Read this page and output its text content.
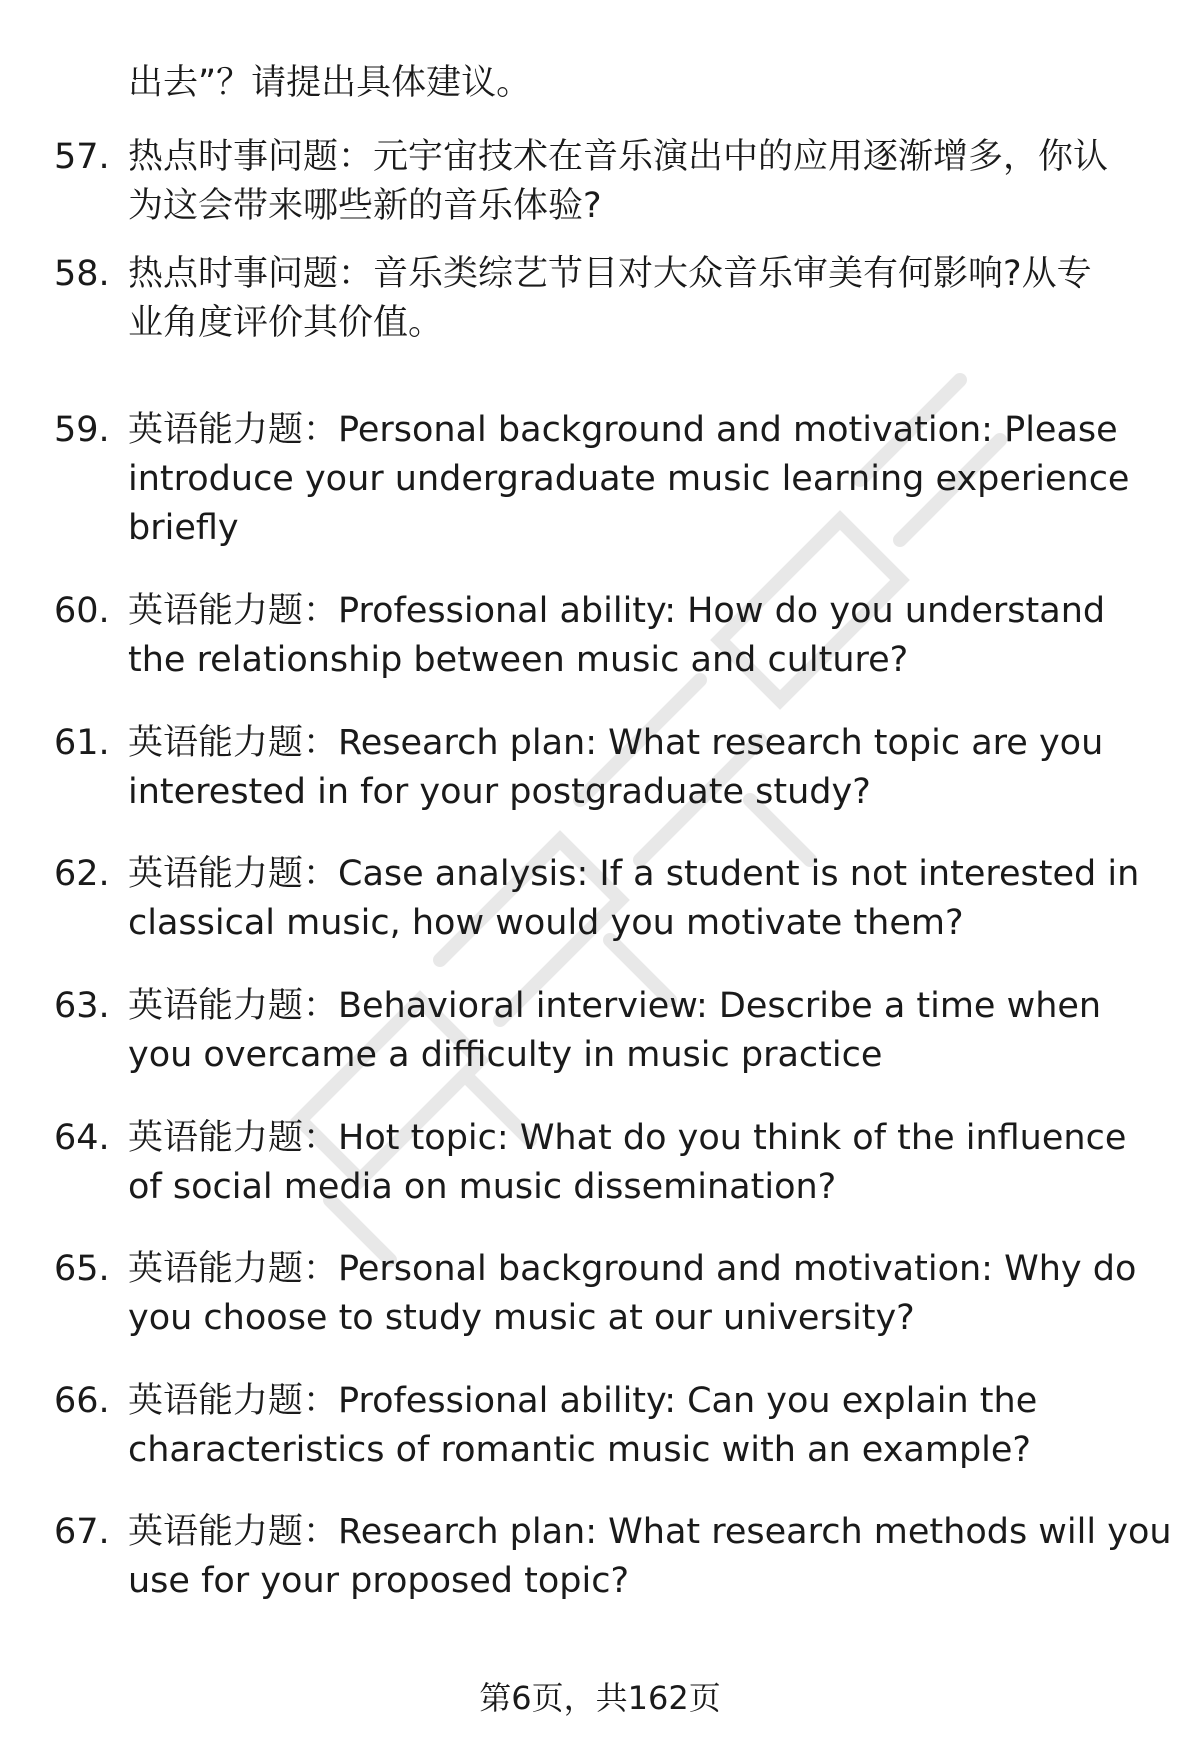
出去”？请提出具体建议。
57. 热点时事问题：元宇宙技术在音乐演出中的应用逐渐增多，你认
为这会带来哪些新的音乐体验?
58. 热点时事问题：音乐类综艺节目对大众音乐审美有何影响?从专
业角度评价其价值。
59. 英语能力题：Personal background and motivation: Please
introduce your undergraduate music learning experience
briefly
60. 英语能力题：Professional ability: How do you understand
the relationship between music and culture?
61. 英语能力题：Research plan: What research topic are you
interested in for your postgraduate study?
62. 英语能力题：Case analysis: If a student is not interested in
classical music, how would you motivate them?
63. 英语能力题：Behavioral interview: Describe a time when
you overcame a difficulty in music practice
64. 英语能力题：Hot topic: What do you think of the influence
of social media on music dissemination?
65. 英语能力题：Personal background and motivation: Why do
you choose to study music at our university?
66. 英语能力题：Professional ability: Can you explain the
characteristics of romantic music with an example?
67. 英语能力题：Research plan: What research methods will you
use for your proposed topic?
第6页，共162页
